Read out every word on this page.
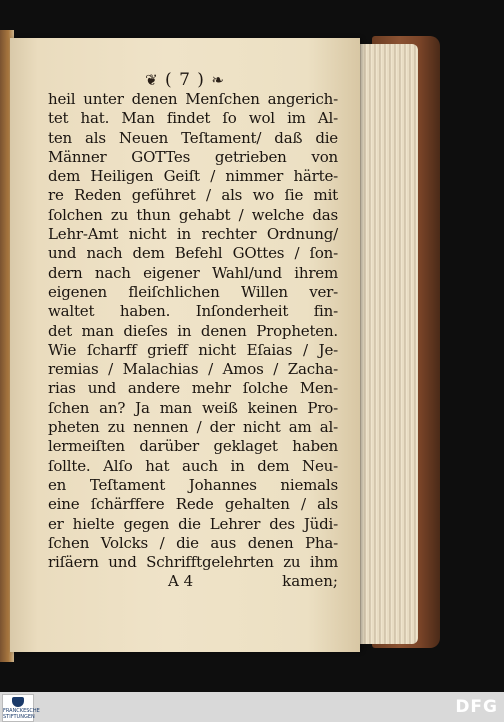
❦ ( 7 ) ❧
heil unter denen Menſchen angerich-
tet hat. Man findet ſo wol im Al-
ten als Neuen Teſtament/ daß die
Männer GOTTes getrieben von
dem Heiligen Geiſt / nimmer härte-
re Reden geführet / als wo ſie mit
ſolchen zu thun gehabt / welche das
Lehr-Amt nicht in rechter Ordnung/
und nach dem Befehl GOttes / ſon-
dern nach eigener Wahl/und ihrem
eigenen fleiſchlichen Willen ver-
waltet haben. Inſonderheit fin-
det man dieſes in denen Propheten.
Wie ſcharff grieff nicht Eſaias / Je-
remias / Malachias / Amos / Zacha-
rias und andere mehr ſolche Men-
ſchen an? Ja man weiß keinen Pro-
pheten zu nennen / der nicht am al-
lermeiſten darüber geklaget haben
ſollte. Alſo hat auch in dem Neu-
en Teſtament Johannes niemals
eine ſchärffere Rede gehalten / als
er hielte gegen die Lehrer des Jüdi-
ſchen Volcks / die aus denen Pha-
riſäern und Schrifftgelehrten zu ihm
A 4	kamen;
FRANCKESCHE STIFTUNGEN	DFG
